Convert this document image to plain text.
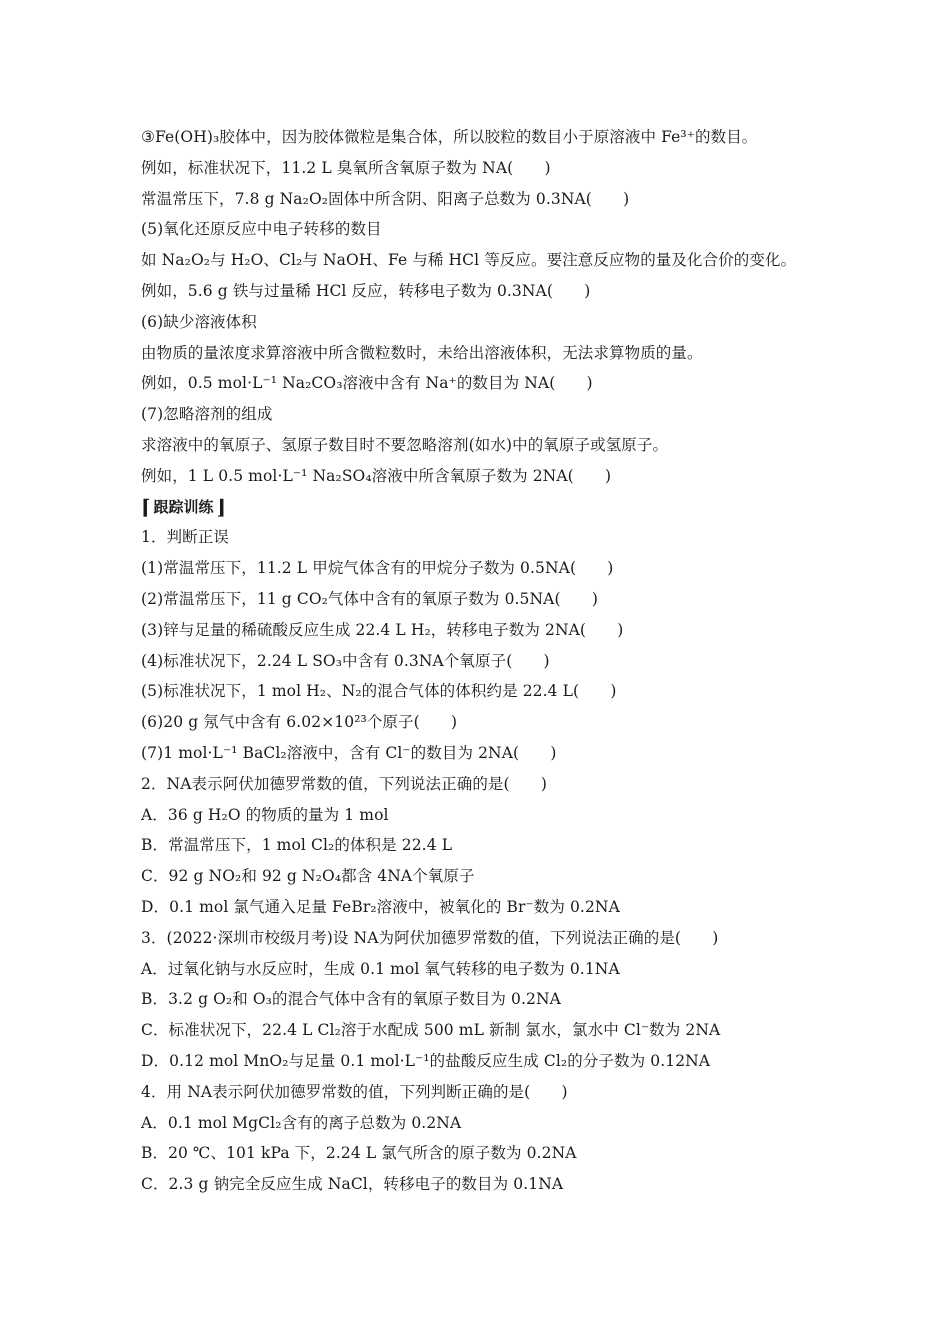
③Fe(OH)₃胶体中，因为胶体微粒是集合体，所以胶粒的数目小于原溶液中 Fe³⁺的数目。
例如，标准状况下，11.2 L 臭氧所含氧原子数为 NA(　　)
常温常压下，7.8 g Na₂O₂固体中所含阴、阳离子总数为 0.3NA(　　)
(5)氧化还原反应中电子转移的数目
如 Na₂O₂与 H₂O、Cl₂与 NaOH、Fe 与稀 HCl 等反应。要注意反应物的量及化合价的变化。
例如，5.6 g 铁与过量稀 HCl 反应，转移电子数为 0.3NA(　　)
(6)缺少溶液体积
由物质的量浓度求算溶液中所含微粒数时，未给出溶液体积，无法求算物质的量。
例如，0.5 mol·L⁻¹ Na₂CO₃溶液中含有 Na⁺的数目为 NA(　　)
(7)忽略溶剂的组成
求溶液中的氧原子、氢原子数目时不要忽略溶剂(如水)中的氧原子或氢原子。
例如，1 L 0.5 mol·L⁻¹ Na₂SO₄溶液中所含氧原子数为 2NA(　　)
⌈ 跟踪训练 ⌋
1．判断正误
(1)常温常压下，11.2 L 甲烷气体含有的甲烷分子数为 0.5NA(　　)
(2)常温常压下，11 g CO₂气体中含有的氧原子数为 0.5NA(　　)
(3)锌与足量的稀硫酸反应生成 22.4 L H₂，转移电子数为 2NA(　　)
(4)标准状况下，2.24 L SO₃中含有 0.3NA个氧原子(　　)
(5)标准状况下，1 mol H₂、N₂的混合气体的体积约是 22.4 L(　　)
(6)20 g 氖气中含有 6.02×10²³个原子(　　)
(7)1 mol·L⁻¹ BaCl₂溶液中，含有 Cl⁻的数目为 2NA(　　)
2．NA表示阿伏加德罗常数的值，下列说法正确的是(　　)
A．36 g H₂O 的物质的量为 1 mol
B．常温常压下，1 mol Cl₂的体积是 22.4 L
C．92 g NO₂和 92 g N₂O₄都含 4NA个氧原子
D．0.1 mol 氯气通入足量 FeBr₂溶液中，被氧化的 Br⁻数为 0.2NA
3．(2022·深圳市校级月考)设 NA为阿伏加德罗常数的值，下列说法正确的是(　　)
A．过氧化钠与水反应时，生成 0.1 mol 氧气转移的电子数为 0.1NA
B．3.2 g O₂和 O₃的混合气体中含有的氧原子数目为 0.2NA
C．标准状况下，22.4 L Cl₂溶于水配成 500 mL 新制 氯水，氯水中 Cl⁻数为 2NA
D．0.12 mol MnO₂与足量 0.1 mol·L⁻¹的盐酸反应生成 Cl₂的分子数为 0.12NA
4．用 NA表示阿伏加德罗常数的值，下列判断正确的是(　　)
A．0.1 mol MgCl₂含有的离子总数为 0.2NA
B．20 ℃、101 kPa 下，2.24 L 氯气所含的原子数为 0.2NA
C．2.3 g 钠完全反应生成 NaCl，转移电子的数目为 0.1NA
